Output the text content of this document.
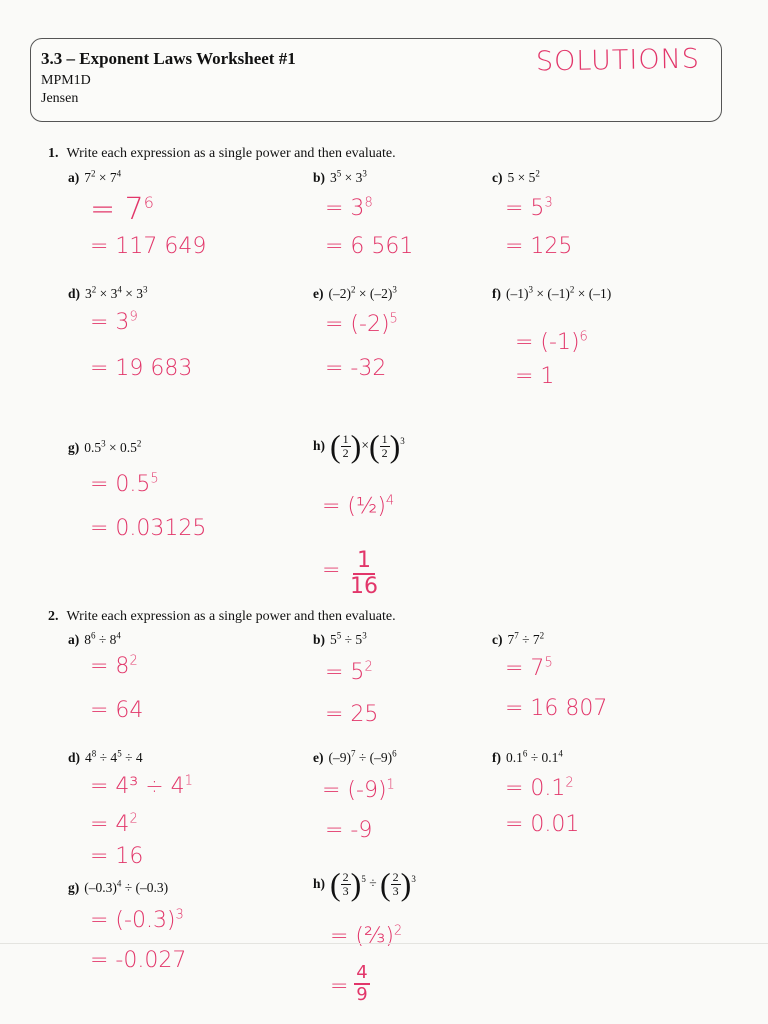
3.3 – Exponent Laws Worksheet #1
MPM1D
Jensen
SOLUTIONS
1. Write each expression as a single power and then evaluate.
a) $7^2 \times 7^4$
= $7^6$
= 117 649
b) $3^5 \times 3^3$
= $3^8$
= 6 561
c) $5 \times 5^2$
= $5^3$
= 125
d) $3^2 \times 3^4 \times 3^3$
= $3^9$
= 19 683
e) $(-2)^2 \times (-2)^3$
= $(-2)^5$
= -32
f) $(-1)^3 \times (-1)^2 \times (-1)$
= $(-1)^6$
= 1
g) $0.5^3 \times 0.5^2$
= $0.5^5$
= 0.03125
h) ( $\frac{1}{2}$ )×( $\frac{1}{2} )^3$
= (½)$^4$
= 1
16
2. Write each expression as a single power and then evaluate.
a) $8^6 \div 8^4$
= $8^2$
= 64
b) $5^5 \div 5^3$
= $5^2$
= 25
c) $7^7 \div 7^2$
= $7^5$
= 16 807
d) $4^8 \div 4^5 \div 4$
= $4^3 \div 4^1$
= $4^2$
= 16
e) $(-9)^7 \div (-9)^6$
= $(-9)^1$
= -9
f) $0.1^6 \div 0.1^4$
= $0.1^2$
= 0.01
g) $(-0.3)^4 \div (-0.3)$
= $(-0.3)^3$
= -0.027
h) ( $\frac{2}{3} )^5$ ÷ ( $\frac{2}{3} )^3$
= (⅔)$^2$
=
4
9
